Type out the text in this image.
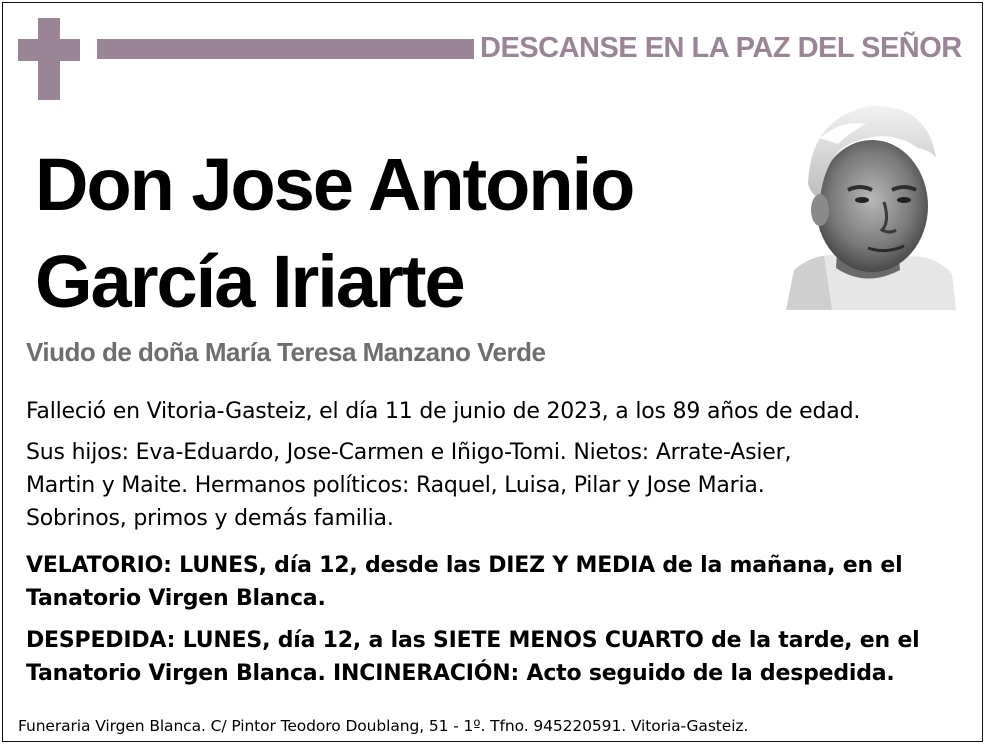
DESCANSE EN LA PAZ DEL SEÑOR
Don Jose Antonio
García Iriarte
Viudo de doña María Teresa Manzano Verde

Falleció en Vitoria-Gasteiz, el día 11 de junio de 2023, a los 89 años de edad.

Sus hijos: Eva-Eduardo, Jose-Carmen e Iñigo-Tomi. Nietos: Arrate-Asier,
Martin y Maite. Hermanos políticos: Raquel, Luisa, Pilar y Jose Maria.
Sobrinos, primos y demás familia.

VELATORIO: LUNES, día 12, desde las DIEZ Y MEDIA de la mañana, en el
Tanatorio Virgen Blanca.

DESPEDIDA: LUNES, día 12, a las SIETE MENOS CUARTO de la tarde, en el
Tanatorio Virgen Blanca. INCINERACIÓN: Acto seguido de la despedida.

Funeraria Virgen Blanca. C/ Pintor Teodoro Doublang, 51 - 1º. Tfno. 945220591. Vitoria-Gasteiz.
